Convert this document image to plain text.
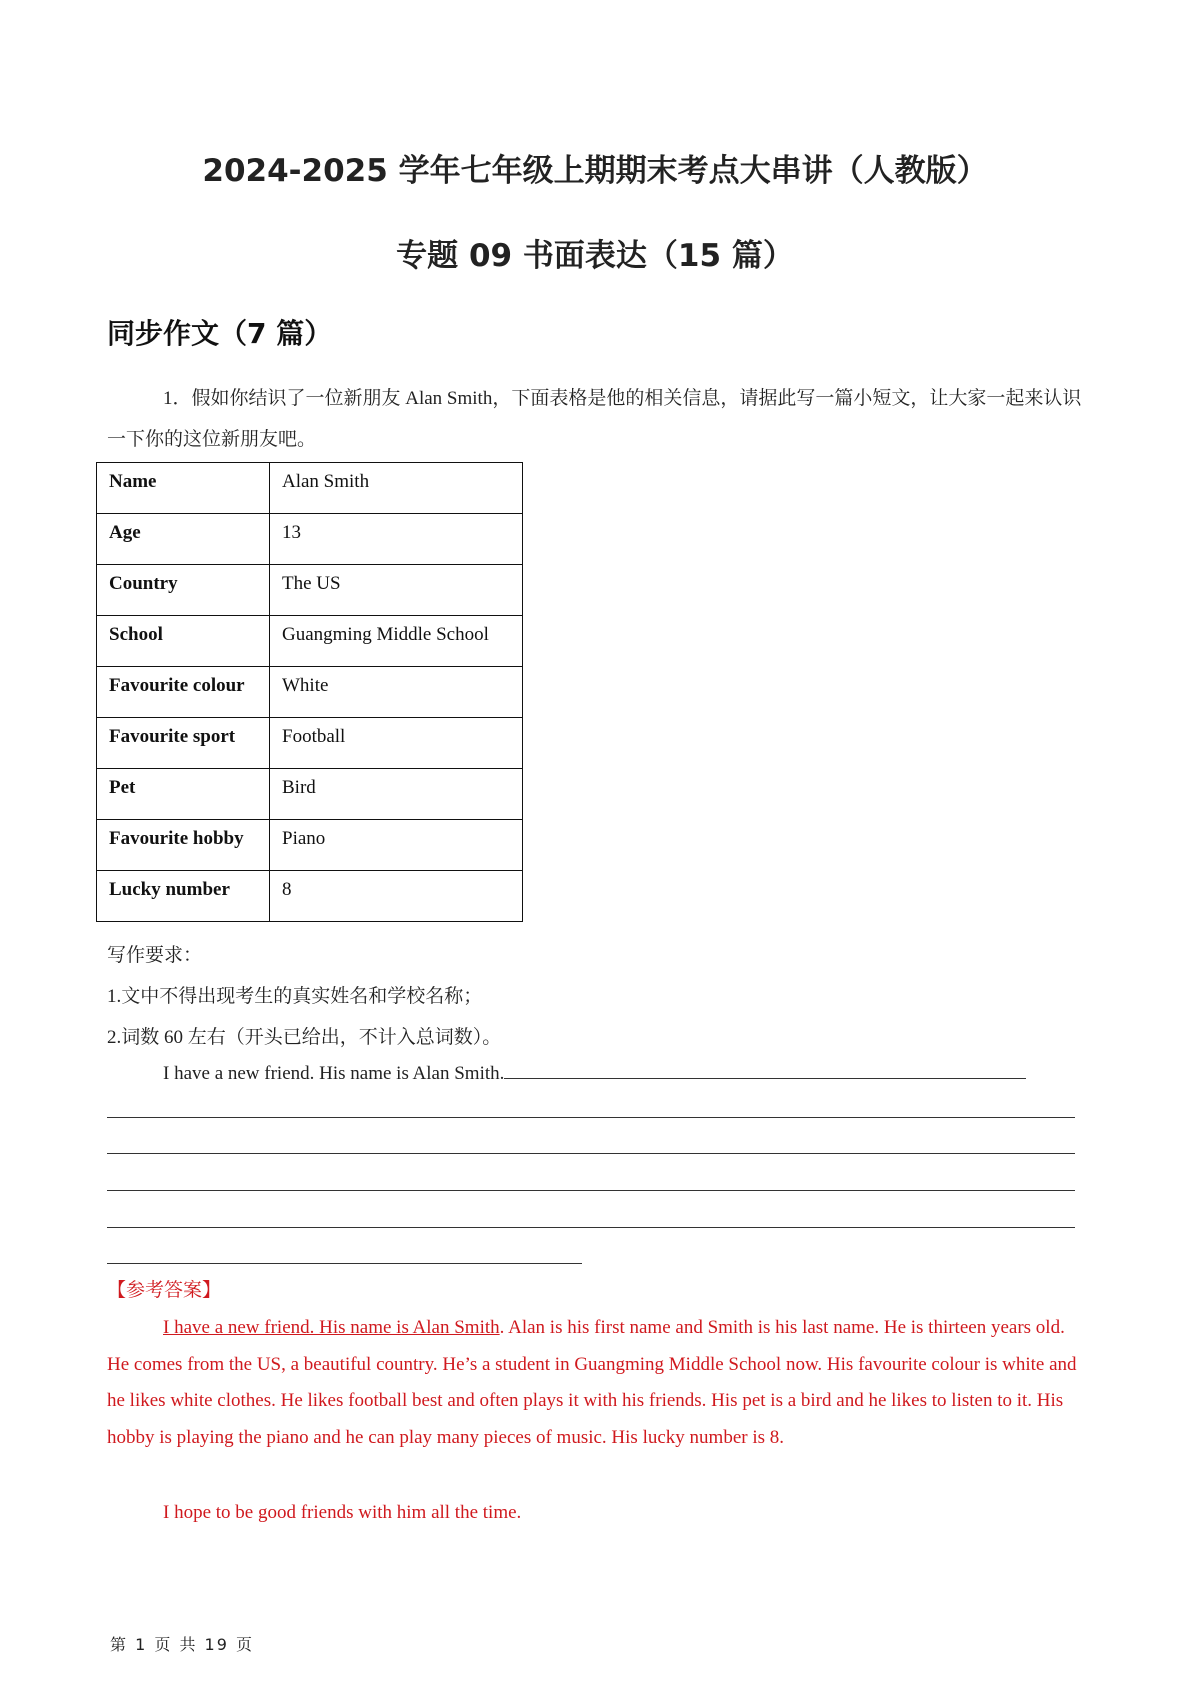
2024-2025 学年七年级上期期末考点大串讲（人教版）
专题 09 书面表达（15 篇）
同步作文（7 篇）
1．假如你结识了一位新朋友 Alan Smith，下面表格是他的相关信息，请据此写一篇小短文，让大家一起来认识一下你的这位新朋友吧。
Name	Alan Smith
Age	13
Country	The US
School	Guangming Middle School
Favourite colour	White
Favourite sport	Football
Pet	Bird
Favourite hobby	Piano
Lucky number	8
写作要求：
1.文中不得出现考生的真实姓名和学校名称；
2.词数 60 左右（开头已给出，不计入总词数）。
I have a new friend. His name is Alan Smith.
【参考答案】
I have a new friend. His name is Alan Smith. Alan is his first name and Smith is his last name. He is thirteen years old. He comes from the US, a beautiful country. He’s a student in Guangming Middle School now. His favourite colour is white and he likes white clothes. He likes football best and often plays it with his friends. His pet is a bird and he likes to listen to it. His hobby is playing the piano and he can play many pieces of music. His lucky number is 8.
I hope to be good friends with him all the time.
第 1 页 共 19 页
